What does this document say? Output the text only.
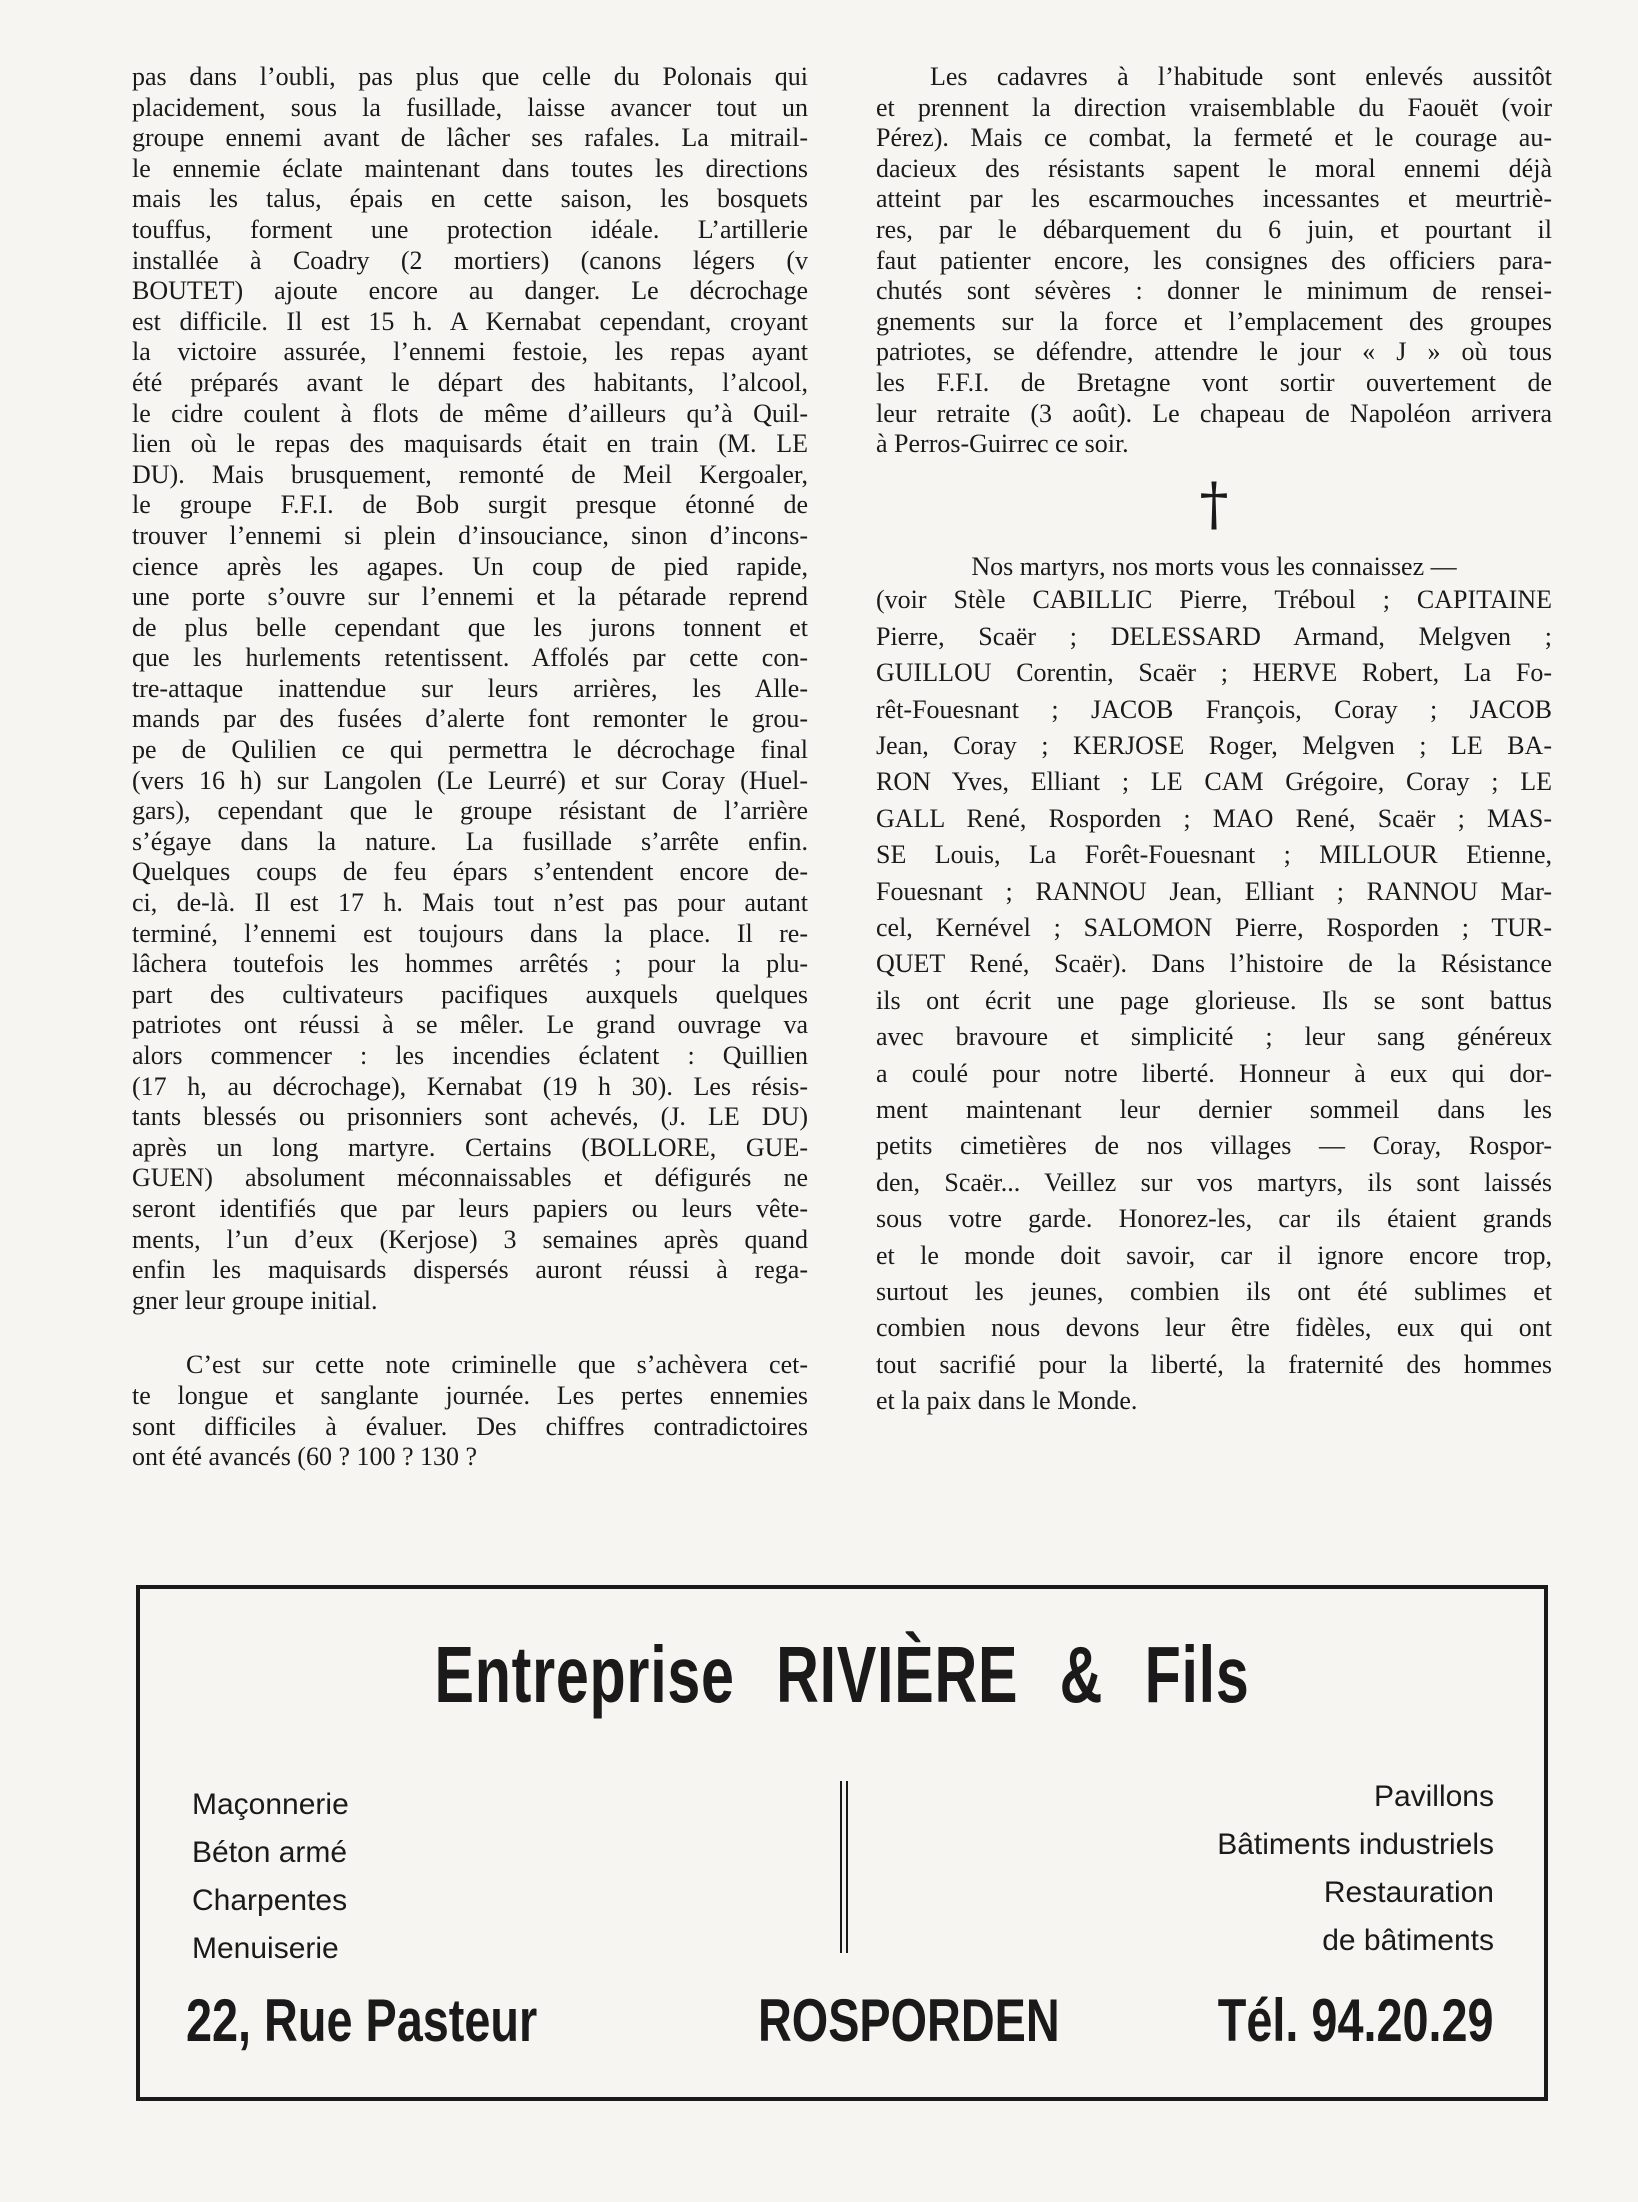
pas dans l’oubli, pas plus que celle du Polonais qui
placidement, sous la fusillade, laisse avancer tout un
groupe ennemi avant de lâcher ses rafales. La mitrail-
le ennemie éclate maintenant dans toutes les directions
mais les talus, épais en cette saison, les bosquets
touffus, forment une protection idéale. L’artillerie
installée à Coadry (2 mortiers) (canons légers (v
BOUTET) ajoute encore au danger. Le décrochage
est difficile. Il est 15 h. A Kernabat cependant, croyant
la victoire assurée, l’ennemi festoie, les repas ayant
été préparés avant le départ des habitants, l’alcool,
le cidre coulent à flots de même d’ailleurs qu’à Quil-
lien où le repas des maquisards était en train (M. LE
DU). Mais brusquement, remonté de Meil Kergoaler,
le groupe F.F.I. de Bob surgit presque étonné de
trouver l’ennemi si plein d’insouciance, sinon d’incons-
cience après les agapes. Un coup de pied rapide,
une porte s’ouvre sur l’ennemi et la pétarade reprend
de plus belle cependant que les jurons tonnent et
que les hurlements retentissent. Affolés par cette con-
tre-attaque inattendue sur leurs arrières, les Alle-
mands par des fusées d’alerte font remonter le grou-
pe de Qulilien ce qui permettra le décrochage final
(vers 16 h) sur Langolen (Le Leurré) et sur Coray (Huel-
gars), cependant que le groupe résistant de l’arrière
s’égaye dans la nature. La fusillade s’arrête enfin.
Quelques coups de feu épars s’entendent encore de-
ci, de-là. Il est 17 h. Mais tout n’est pas pour autant
terminé, l’ennemi est toujours dans la place. Il re-
lâchera toutefois les hommes arrêtés ; pour la plu-
part des cultivateurs pacifiques auxquels quelques
patriotes ont réussi à se mêler. Le grand ouvrage va
alors commencer : les incendies éclatent : Quillien
(17 h, au décrochage), Kernabat (19 h 30). Les résis-
tants blessés ou prisonniers sont achevés, (J. LE DU)
après un long martyre. Certains (BOLLORE, GUE-
GUEN) absolument méconnaissables et défigurés ne
seront identifiés que par leurs papiers ou leurs vête-
ments, l’un d’eux (Kerjose) 3 semaines après quand
enfin les maquisards dispersés auront réussi à rega-
gner leur groupe initial.
C’est sur cette note criminelle que s’achèvera cet-
te longue et sanglante journée. Les pertes ennemies
sont difficiles à évaluer. Des chiffres contradictoires
ont été avancés (60 ? 100 ? 130 ?
Les cadavres à l’habitude sont enlevés aussitôt
et prennent la direction vraisemblable du Faouët (voir
Pérez). Mais ce combat, la fermeté et le courage au-
dacieux des résistants sapent le moral ennemi déjà
atteint par les escarmouches incessantes et meurtriè-
res, par le débarquement du 6 juin, et pourtant il
faut patienter encore, les consignes des officiers para-
chutés sont sévères : donner le minimum de rensei-
gnements sur la force et l’emplacement des groupes
patriotes, se défendre, attendre le jour « J » où tous
les F.F.I. de Bretagne vont sortir ouvertement de
leur retraite (3 août). Le chapeau de Napoléon arrivera
à Perros-Guirrec ce soir.
†

Nos martyrs, nos morts vous les connaissez —

(voir Stèle CABILLIC Pierre, Tréboul ; CAPITAINE
Pierre, Scaër ; DELESSARD Armand, Melgven ;
GUILLOU Corentin, Scaër ; HERVE Robert, La Fo-
rêt-Fouesnant ; JACOB François, Coray ; JACOB
Jean, Coray ; KERJOSE Roger, Melgven ; LE BA-
RON Yves, Elliant ; LE CAM Grégoire, Coray ; LE
GALL René, Rosporden ; MAO René, Scaër ; MAS-
SE Louis, La Forêt-Fouesnant ; MILLOUR Etienne,
Fouesnant ; RANNOU Jean, Elliant ; RANNOU Mar-
cel, Kernével ; SALOMON Pierre, Rosporden ; TUR-
QUET René, Scaër). Dans l’histoire de la Résistance
ils ont écrit une page glorieuse. Ils se sont battus
avec bravoure et simplicité ; leur sang généreux
a coulé pour notre liberté. Honneur à eux qui dor-
ment maintenant leur dernier sommeil dans les
petits cimetières de nos villages — Coray, Rospor-
den, Scaër... Veillez sur vos martyrs, ils sont laissés
sous votre garde. Honorez-les, car ils étaient grands
et le monde doit savoir, car il ignore encore trop,
surtout les jeunes, combien ils ont été sublimes et
combien nous devons leur être fidèles, eux qui ont
tout sacrifié pour la liberté, la fraternité des hommes
et la paix dans le Monde.
Entreprise RIVIÈRE & Fils
Maçonnerie
Béton armé
Charpentes
Menuiserie
Pavillons
Bâtiments industriels
Restauration
de bâtiments
22, Rue Pasteur	ROSPORDEN	Tél. 94.20.29
